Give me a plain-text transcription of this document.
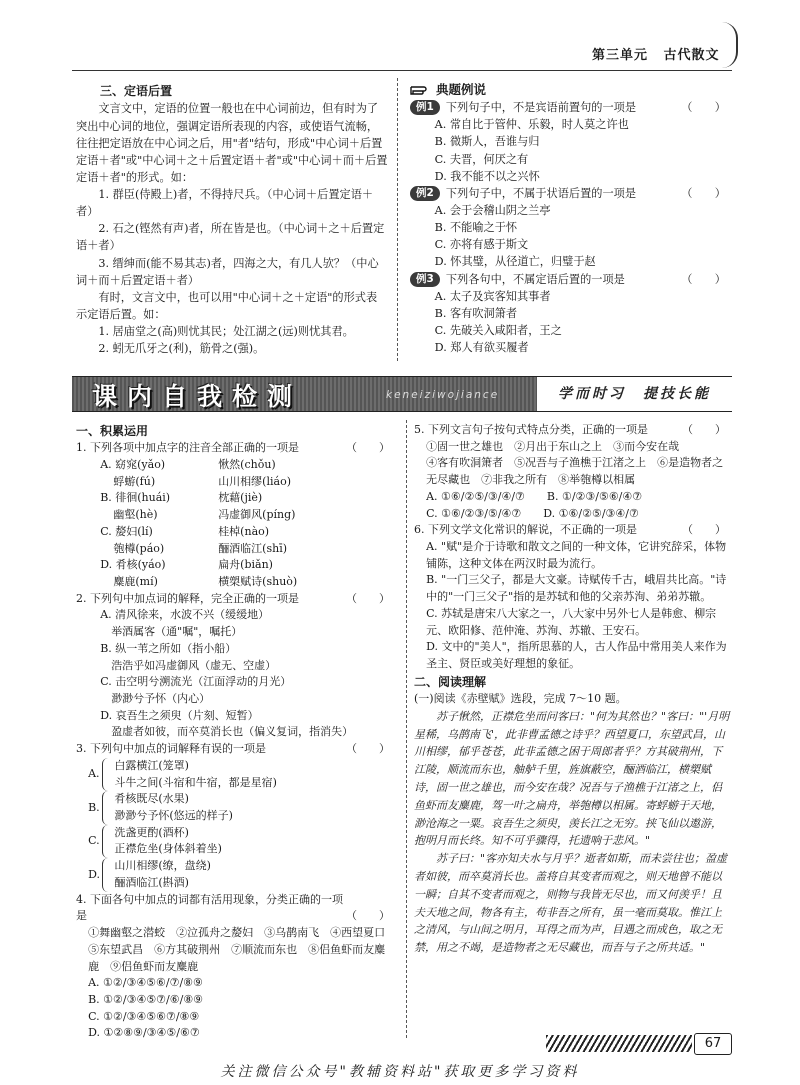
第三单元 古代散文

三、定语后置

文言文中，定语的位置一般也在中心词前边，但有时为了突出中心词的地位，强调定语所表现的内容，或使语气流畅，往往把定语放在中心词之后，用"者"结句，形成"中心词＋后置定语＋者"或"中心词＋之＋后置定语＋者"或"中心词＋而＋后置定语＋者"的形式。如：

1. 群臣(侍殿上)者，不得持尺兵。（中心词＋后置定语＋者）

2. 石之(铿然有声)者，所在皆是也。（中心词＋之＋后置定语＋者）

3. 缙绅而(能不易其志)者，四海之大，有几人欤？（中心词＋而＋后置定语＋者）

有时，文言文中，也可以用"中心词＋之＋定语"的形式表示定语后置。如：

1. 居庙堂之(高)则忧其民；处江湖之(远)则忧其君。

2. 蚓无爪牙之(利)，筋骨之(强)。

典题例说

例1	下列句子中，不是宾语前置句的一项是	（　　）

A. 常自比于管仲、乐毅，时人莫之许也

B. 微斯人，吾谁与归

C. 夫晋，何厌之有

D. 我不能不以之兴怀

例2	下列句子中，不属于状语后置的一项是	（　　）

A. 会于会稽山阴之兰亭

B. 不能喻之于怀

C. 亦将有感于斯文

D. 怀其璧，从径道亡，归璧于赵

例3	下列各句中，不属定语后置的一项是	（　　）

A. 太子及宾客知其事者

B. 客有吹洞箫者

C. 先破关入咸阳者，王之

D. 郑人有欲买履者

课内自我检测	keneiziwojiance	学而时习　提技长能

一、积累运用

1. 下列各项中加点字的注音全部正确的一项是	（　　）

A. 窈窕(yǎo)	愀然(chǒu)
蜉蝣(fú)	山川相缪(liáo)
B. 徘徊(huái)	枕藉(jiè)
幽壑(hè)	冯虚御风(píng)
C. 嫠妇(lí)	桂棹(nào)
匏樽(páo)	酾酒临江(shī)
D. 肴核(yáo)	扁舟(biǎn)
麋鹿(mí)	横槊赋诗(shuò)

2. 下列句中加点词的解释，完全正确的一项是	（　　）

A. 清风徐来，水波不兴（缓缓地）

举酒属客（通"嘱"，嘱托）

B. 纵一苇之所如（指小船）

浩浩乎如冯虚御风（虚无、空虚）

C. 击空明兮溯流光（江面浮动的月光）

渺渺兮予怀（内心）

D. 哀吾生之须臾（片刻、短暂）

盈虚者如彼，而卒莫消长也（偏义复词，指消失）

3. 下列句中加点的词解释有误的一项是	（　　）

A.

白露横江(笼罩)

斗牛之间(斗宿和牛宿，都是星宿)

B.

肴核既尽(水果)

渺渺兮予怀(悠远的样子)

C.

洗盏更酌(酒杯)

正襟危坐(身体斜着坐)

D.

山川相缪(缭，盘绕)

酾酒临江(斟酒)

4. 下面各句中加点的词都有活用现象，分类正确的一项是	（　　）

①舞幽壑之潜蛟　②泣孤舟之嫠妇　③乌鹊南飞　④西望夏口　⑤东望武昌　⑥方其破荆州　⑦顺流而东也　⑧侣鱼虾而友麋鹿　⑨侣鱼虾而友麋鹿

A. ①②/③④⑤⑥/⑦/⑧⑨

B. ①②/③④⑤⑦/⑥/⑧⑨

C. ①②/③④⑤⑥⑦/⑧⑨

D. ①②⑧⑨/③④⑤/⑥⑦

5. 下列文言句子按句式特点分类，正确的一项是	（　　）

①固一世之雄也　②月出于东山之上　③而今安在哉

④客有吹洞箫者　⑤况吾与子渔樵于江渚之上　⑥是造物者之无尽藏也　⑦非我之所有　⑧举匏樽以相属

A. ①⑥/②⑤/③/④/⑦　　B. ①/②③/⑤⑥/④⑦

C. ①⑥/②③/⑤/④⑦　　D. ①⑥/②⑤/③④/⑦

6. 下列文学文化常识的解说，不正确的一项是	（　　）

A. "赋"是介于诗歌和散文之间的一种文体，它讲究辞采，体物铺陈，这种文体在两汉时最为流行。

B. "一门三父子，都是大文豪。诗赋传千古，峨眉共比高。"诗中的"一门三父子"指的是苏轼和他的父亲苏洵、弟弟苏辙。

C. 苏轼是唐宋八大家之一，八大家中另外七人是韩愈、柳宗元、欧阳修、范仲淹、苏洵、苏辙、王安石。

D. 文中的"美人"，指所思慕的人，古人作品中常用美人来作为圣主、贤臣或美好理想的象征。

二、阅读理解

(一)阅读《赤壁赋》选段，完成 7～10 题。

苏子愀然，正襟危坐而问客曰："何为其然也？"客曰："'月明星稀，乌鹊南飞'，此非曹孟德之诗乎？西望夏口，东望武昌，山川相缪，郁乎苍苍，此非孟德之困于周郎者乎？方其破荆州，下江陵，顺流而东也，舳舻千里，旌旗蔽空，酾酒临江，横槊赋诗，固一世之雄也，而今安在哉？况吾与子渔樵于江渚之上，侣鱼虾而友麋鹿，驾一叶之扁舟，举匏樽以相属。寄蜉蝣于天地，渺沧海之一粟。哀吾生之须臾，羡长江之无穷。挟飞仙以遨游，抱明月而长终。知不可乎骤得，托遗响于悲风。"

苏子曰："客亦知夫水与月乎？逝者如斯，而未尝往也；盈虚者如彼，而卒莫消长也。盖将自其变者而观之，则天地曾不能以一瞬；自其不变者而观之，则物与我皆无尽也，而又何羡乎！且夫天地之间，物各有主，苟非吾之所有，虽一毫而莫取。惟江上之清风，与山间之明月，耳得之而为声，目遇之而成色，取之无禁，用之不竭，是造物者之无尽藏也，而吾与子之所共适。"

67
关注微信公众号"教辅资料站"获取更多学习资料
